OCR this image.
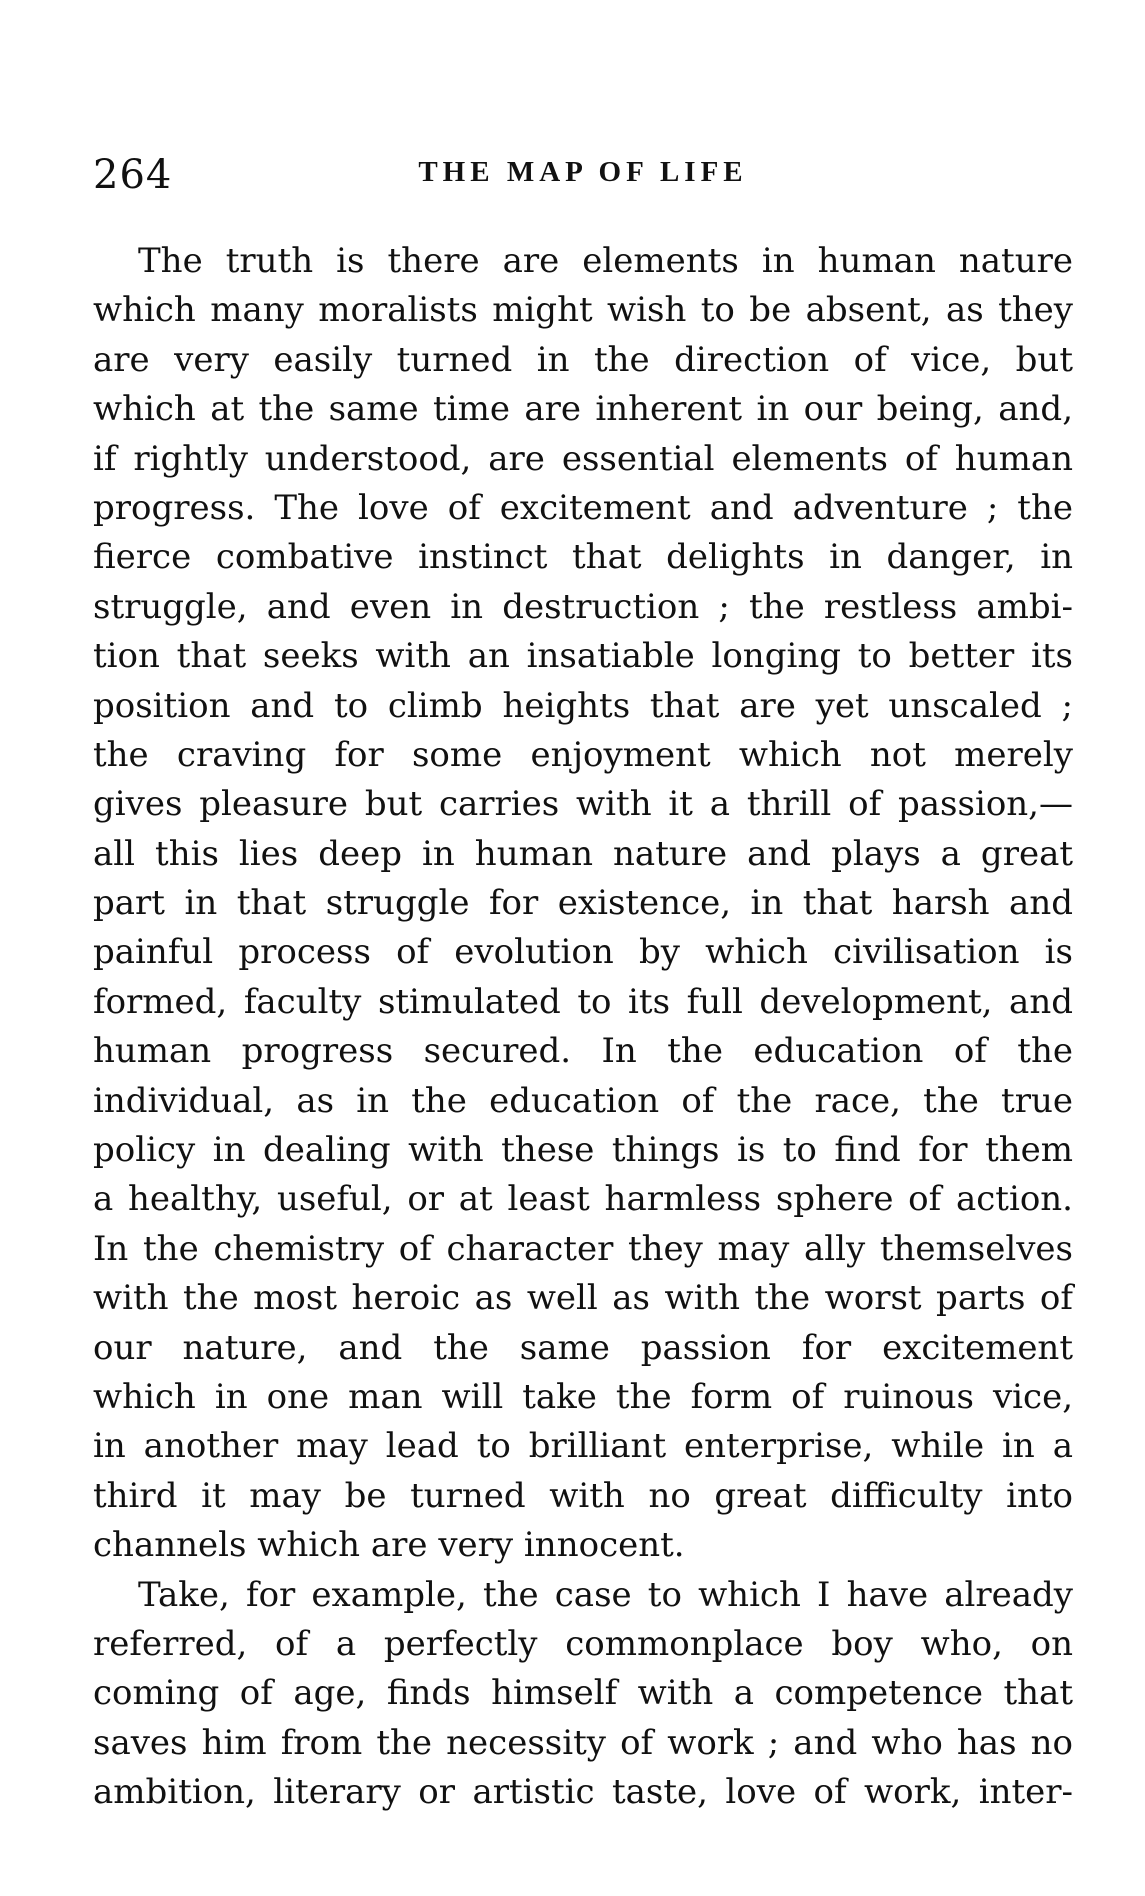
264	THE MAP OF LIFE
The truth is there are elements in human nature
which many moralists might wish to be absent, as they
are very easily turned in the direction of vice, but
which at the same time are inherent in our being, and,
if rightly understood, are essential elements of human
progress. The love of excitement and adventure ; the
fierce combative instinct that delights in danger, in
struggle, and even in destruction ; the restless ambi-
tion that seeks with an insatiable longing to better its
position and to climb heights that are yet unscaled ;
the craving for some enjoyment which not merely
gives pleasure but carries with it a thrill of passion,—
all this lies deep in human nature and plays a great
part in that struggle for existence, in that harsh and
painful process of evolution by which civilisation is
formed, faculty stimulated to its full development, and
human progress secured. In the education of the
individual, as in the education of the race, the true
policy in dealing with these things is to find for them
a healthy, useful, or at least harmless sphere of action.
In the chemistry of character they may ally themselves
with the most heroic as well as with the worst parts of
our nature, and the same passion for excitement
which in one man will take the form of ruinous vice,
in another may lead to brilliant enterprise, while in a
third it may be turned with no great difficulty into
channels which are very innocent.
Take, for example, the case to which I have already
referred, of a perfectly commonplace boy who, on
coming of age, finds himself with a competence that
saves him from the necessity of work ; and who has no
ambition, literary or artistic taste, love of work, inter-
